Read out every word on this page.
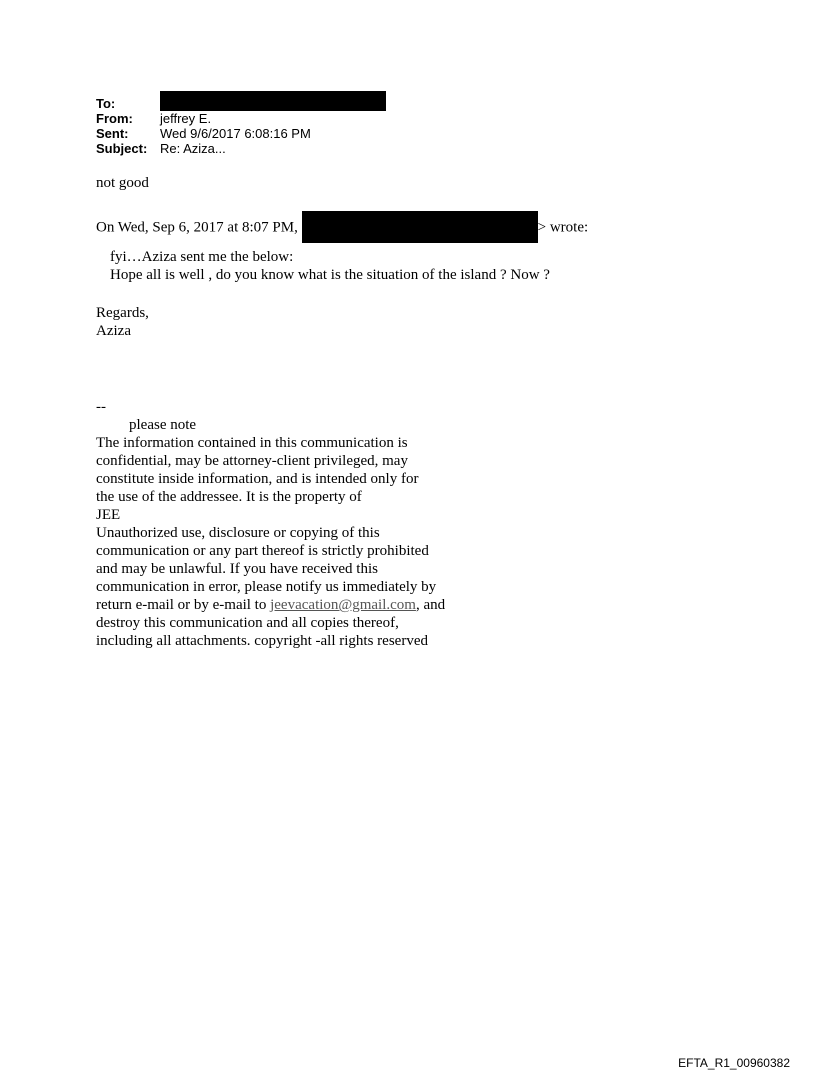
To:
From:	jeffrey E.
Sent:	Wed 9/6/2017 6:08:16 PM
Subject: Re: Aziza...

not good

On Wed, Sep 6, 2017 at 8:07 PM,	> wrote:

fyi…Aziza sent me the below:

Hope all is well , do you know what is the situation of the island ? Now ?

Regards,

Aziza

--

please note

The information contained in this communication is

confidential, may be attorney-client privileged, may

constitute inside information, and is intended only for

the use of the addressee. It is the property of

JEE

Unauthorized use, disclosure or copying of this

communication or any part thereof is strictly prohibited

and may be unlawful. If you have received this

communication in error, please notify us immediately by

return e-mail or by e-mail to jeevacation@gmail.com, and

destroy this communication and all copies thereof,

including all attachments. copyright -all rights reserved

EFTA_R1_00960382
